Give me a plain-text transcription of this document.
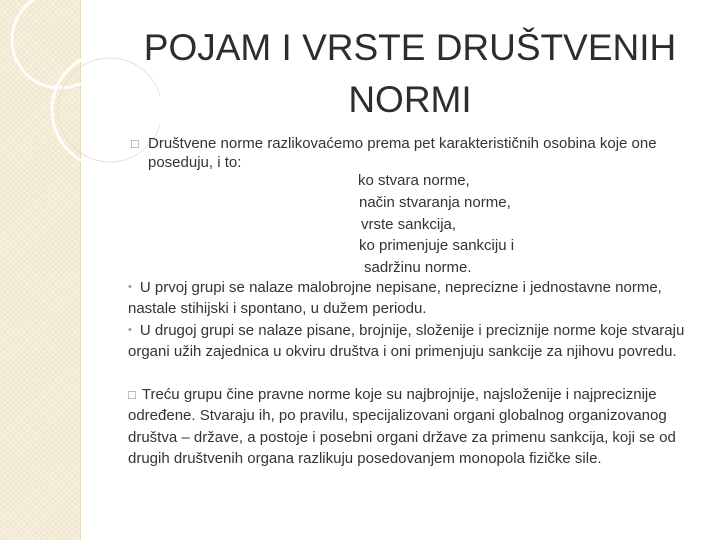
POJAM I VRSTE DRUŠTVENIH NORMI
□ Društvene norme razlikovaćemo prema pet karakterističnih osobina koje one poseduju, i to:
ko stvara norme,
način stvaranja norme,
vrste sankcija,
ko primenjuje sankciju i
sadržinu norme.
• U prvoj grupi se nalaze malobrojne nepisane, neprecizne i jednostavne norme, nastale stihijski i spontano, u dužem periodu.
• U drugoj grupi se nalaze pisane, brojnije, složenije i preciznije norme koje stvaraju organi užih zajednica u okviru društva i oni primenjuju sankcije za njihovu povredu.
□ Treću grupu čine pravne norme koje su najbrojnije, najsloženije i najpreciznije određene. Stvaraju ih, po pravilu, specijalizovani organi globalnog organizovanog društva – države, a postoje i posebni organi države za primenu sankcija, koji se od drugih društvenih organa razlikuju posedovanjem monopola fizičke sile.
